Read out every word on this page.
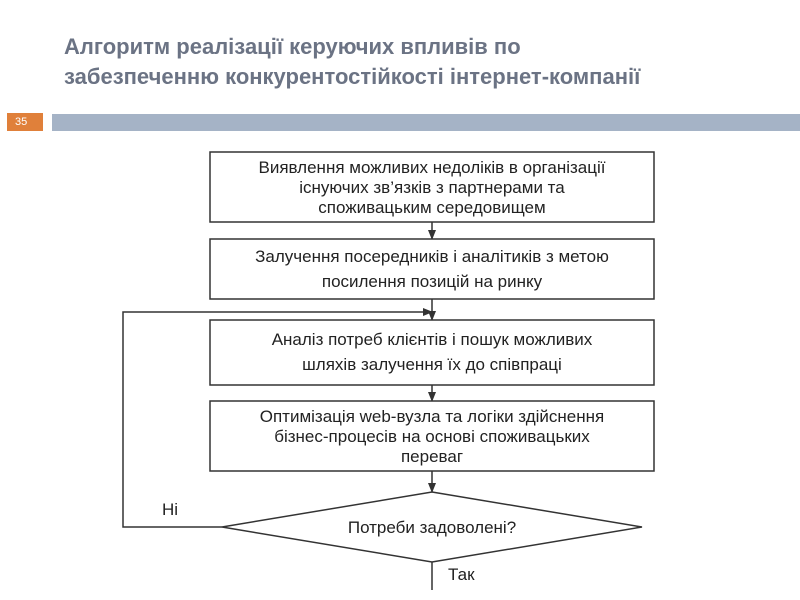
Алгоритм реалізації керуючих впливів по
забезпеченню конкурентостійкості інтернет-компанії
35
Виявлення можливих недоліків в організації
існуючих зв’язків з партнерами та
споживацьким середовищем
Залучення посередників і аналітиків з метою
посилення позицій на ринку
Аналіз потреб клієнтів і пошук можливих
шляхів залучення їх до співпраці
Оптимізація web-вузла та логіки здійснення
бізнес-процесів на основі споживацьких
переваг
Потреби задоволені?
Ні
Так
